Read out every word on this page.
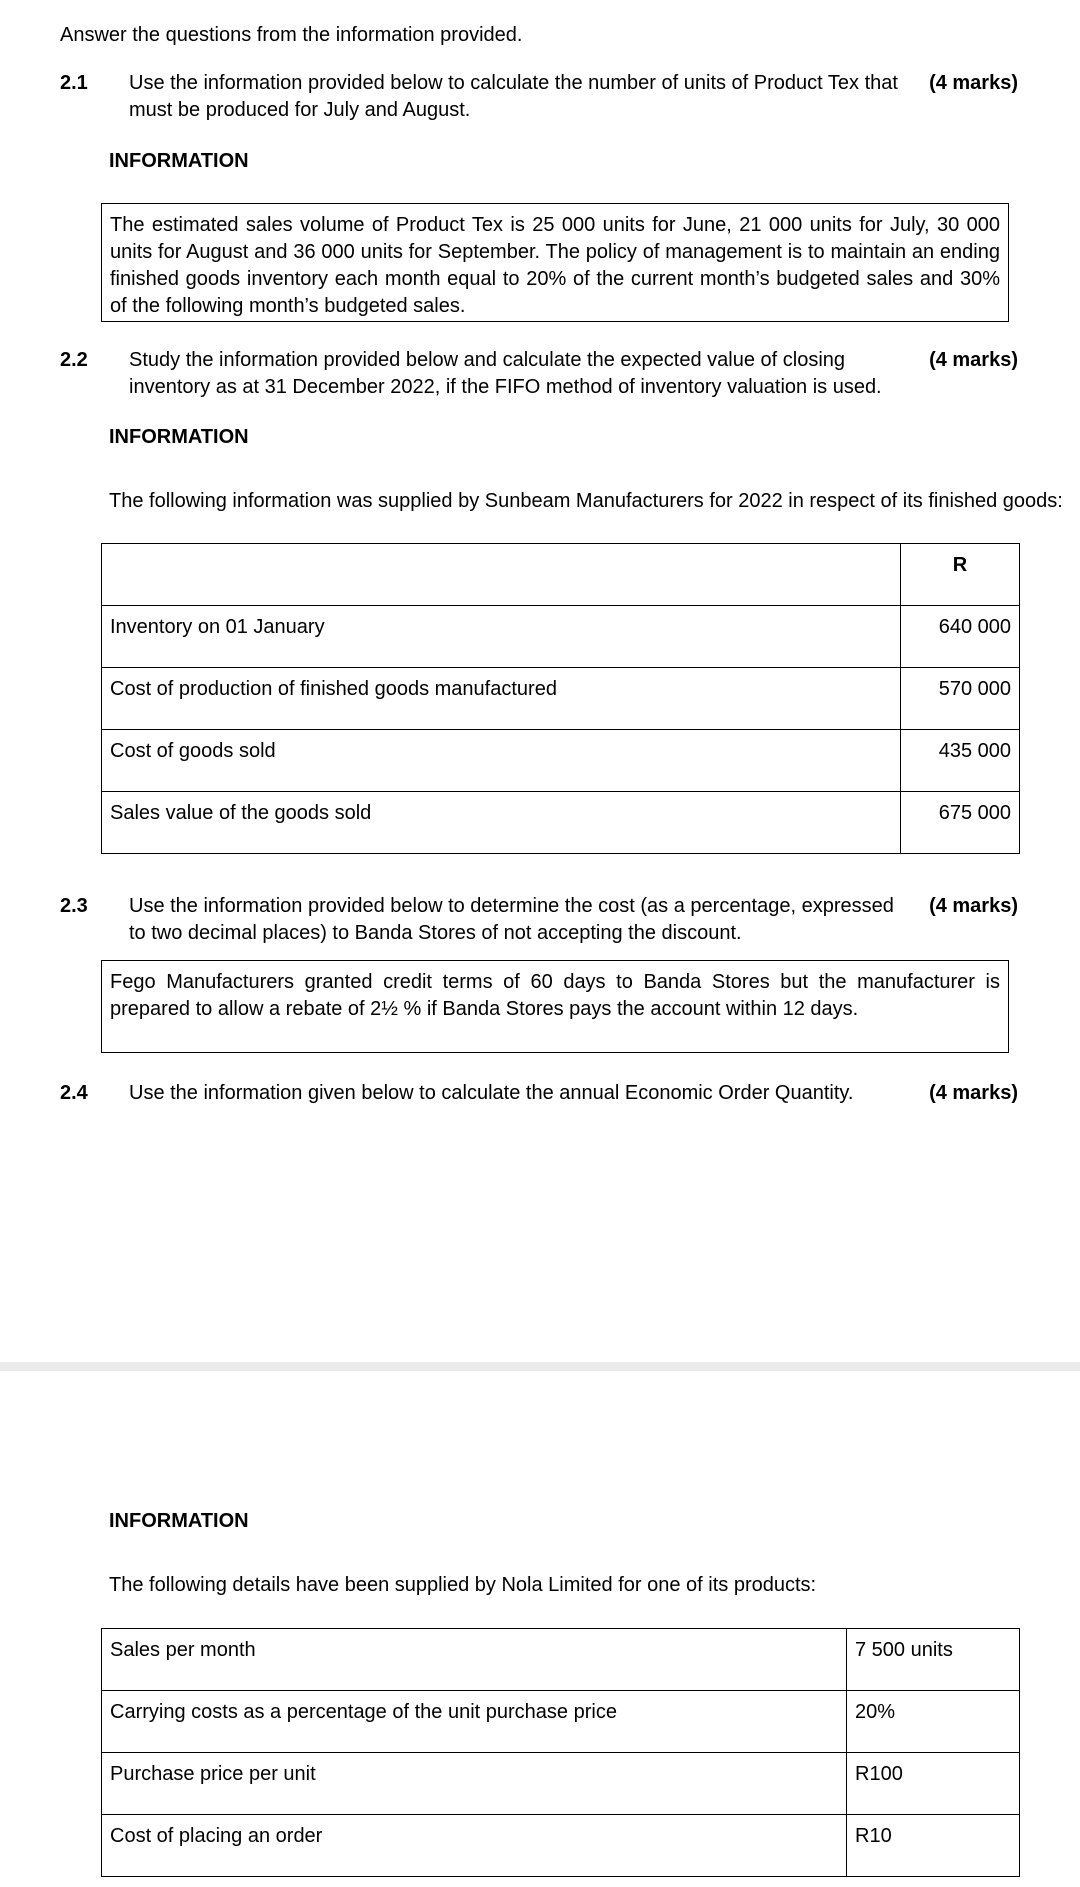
Answer the questions from the information provided.
2.1 Use the information provided below to calculate the number of units of Product Tex that must be produced for July and August.
(4 marks)
INFORMATION
The estimated sales volume of Product Tex is 25 000 units for June, 21 000 units for July, 30 000 units for August and 36 000 units for September. The policy of management is to maintain an ending finished goods inventory each month equal to 20% of the current month’s budgeted sales and 30% of the following month’s budgeted sales.
2.2 Study the information provided below and calculate the expected value of closing inventory as at 31 December 2022, if the FIFO method of inventory valuation is used.
(4 marks)
INFORMATION
The following information was supplied by Sunbeam Manufacturers for 2022 in respect of its finished goods:
	R
Inventory on 01 January	640 000
Cost of production of finished goods manufactured	570 000
Cost of goods sold	435 000
Sales value of the goods sold	675 000
2.3 Use the information provided below to determine the cost (as a percentage, expressed to two decimal places) to Banda Stores of not accepting the discount.
(4 marks)
Fego Manufacturers granted credit terms of 60 days to Banda Stores but the manufacturer is prepared to allow a rebate of 2½ % if Banda Stores pays the account within 12 days.
2.4 Use the information given below to calculate the annual Economic Order Quantity.	(4 marks)
INFORMATION
The following details have been supplied by Nola Limited for one of its products:
Sales per month	7 500 units
Carrying costs as a percentage of the unit purchase price	20%
Purchase price per unit	R100
Cost of placing an order	R10
